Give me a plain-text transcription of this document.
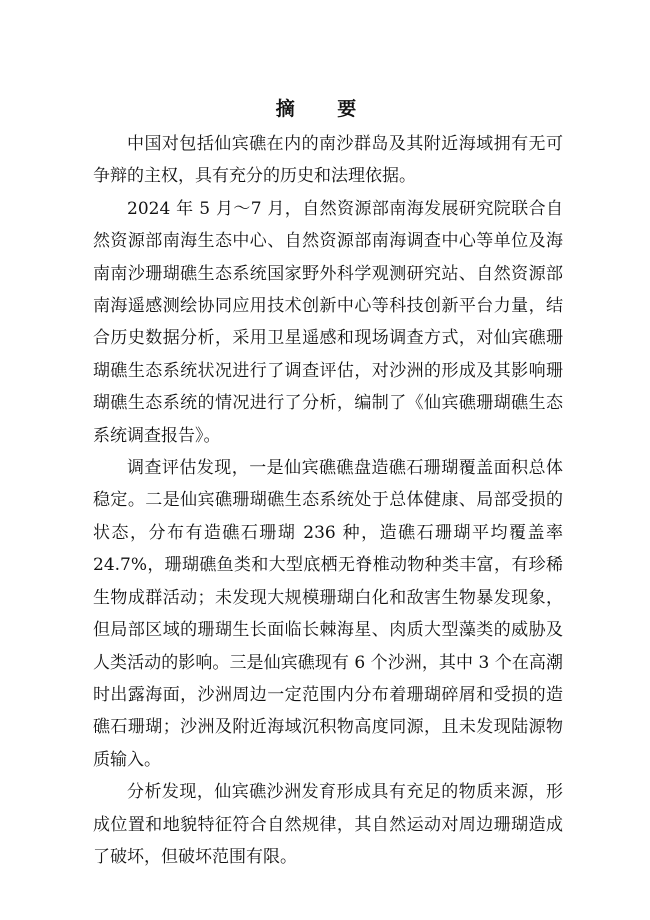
摘 要

中国对包括仙宾礁在内的南沙群岛及其附近海域拥有无可争辩的主权，具有充分的历史和法理依据。

2024 年 5 月～7 月，自然资源部南海发展研究院联合自然资源部南海生态中心、自然资源部南海调查中心等单位及海南南沙珊瑚礁生态系统国家野外科学观测研究站、自然资源部南海遥感测绘协同应用技术创新中心等科技创新平台力量，结合历史数据分析，采用卫星遥感和现场调查方式，对仙宾礁珊瑚礁生态系统状况进行了调查评估，对沙洲的形成及其影响珊瑚礁生态系统的情况进行了分析，编制了《仙宾礁珊瑚礁生态系统调查报告》。

调查评估发现，一是仙宾礁礁盘造礁石珊瑚覆盖面积总体稳定。二是仙宾礁珊瑚礁生态系统处于总体健康、局部受损的状态，分布有造礁石珊瑚 236 种，造礁石珊瑚平均覆盖率 24.7%，珊瑚礁鱼类和大型底栖无脊椎动物种类丰富，有珍稀生物成群活动；未发现大规模珊瑚白化和敌害生物暴发现象，但局部区域的珊瑚生长面临长棘海星、肉质大型藻类的威胁及人类活动的影响。三是仙宾礁现有 6 个沙洲，其中 3 个在高潮时出露海面，沙洲周边一定范围内分布着珊瑚碎屑和受损的造礁石珊瑚；沙洲及附近海域沉积物高度同源，且未发现陆源物质输入。

分析发现，仙宾礁沙洲发育形成具有充足的物质来源，形成位置和地貌特征符合自然规律，其自然运动对周边珊瑚造成了破坏，但破坏范围有限。
